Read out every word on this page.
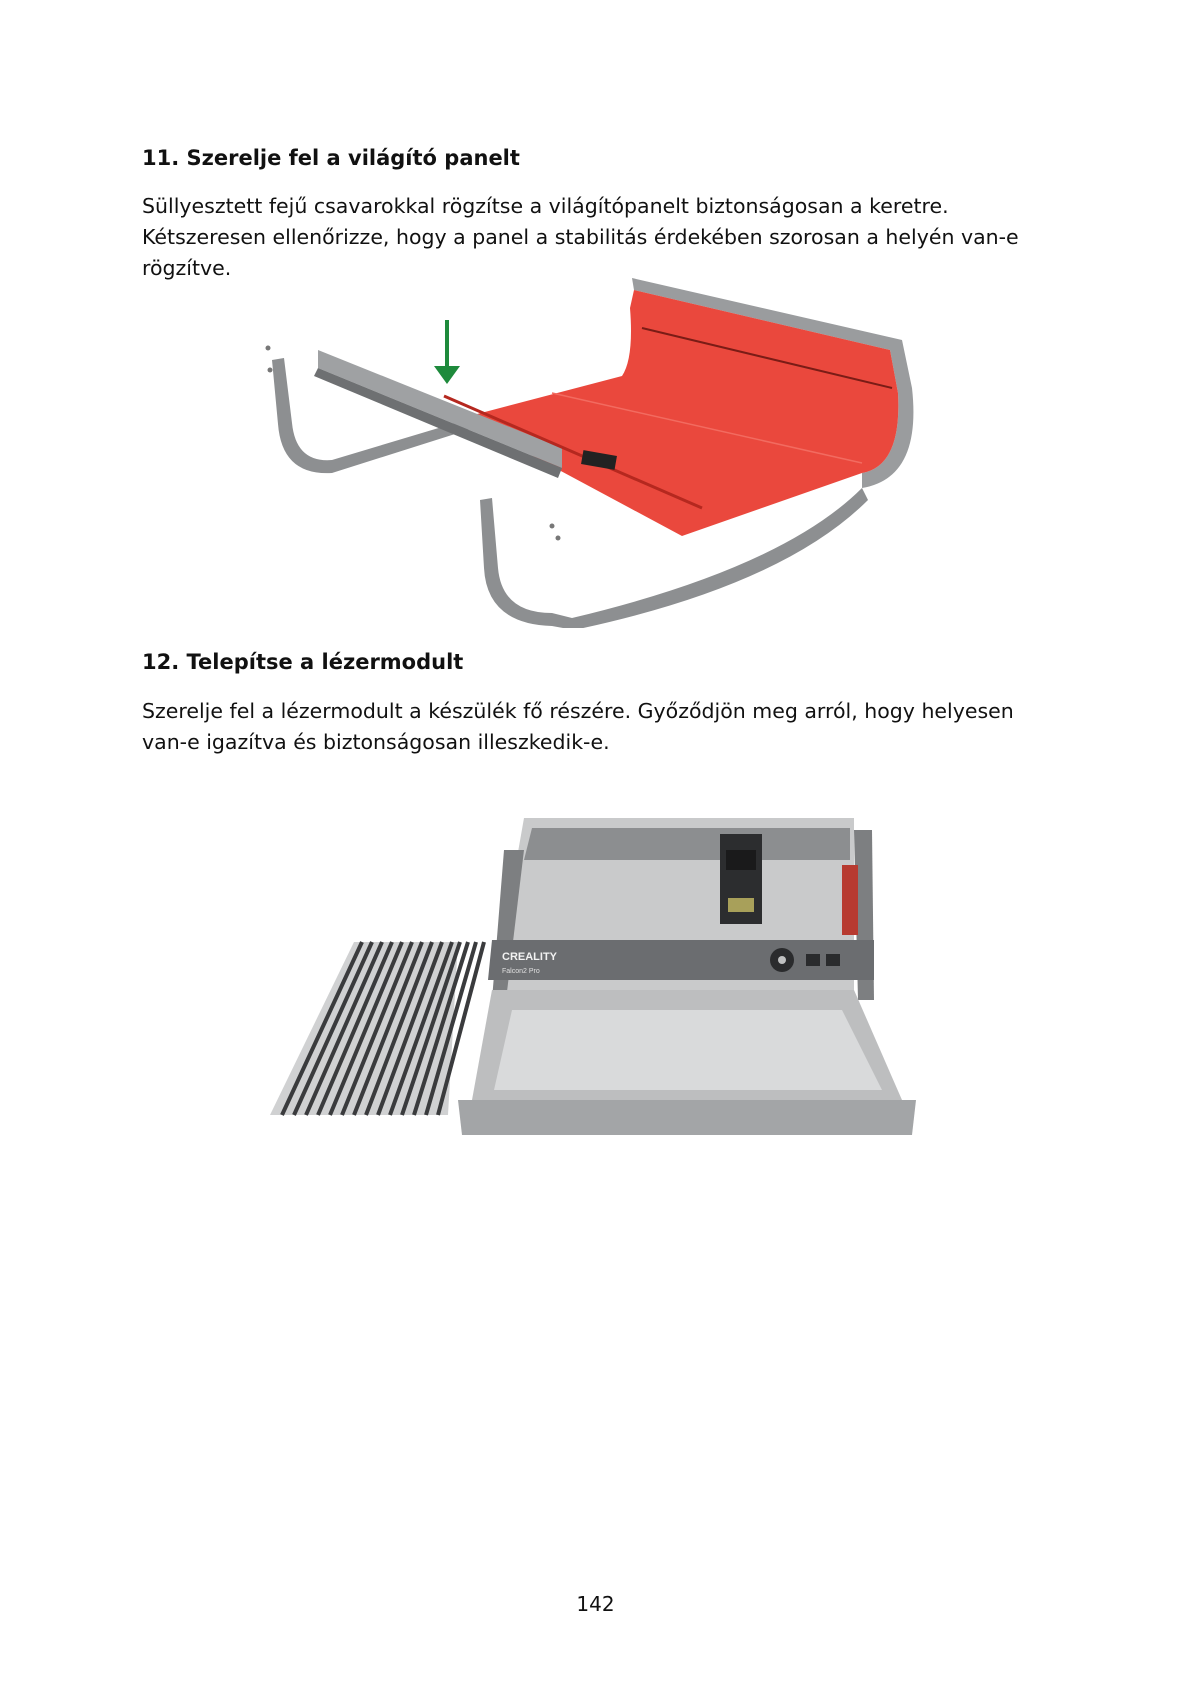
11. Szerelje fel a világító panelt

Süllyesztett fejű csavarokkal rögzítse a világítópanelt biztonságosan a keretre. Kétszeresen ellenőrizze, hogy a panel a stabilitás érdekében szorosan a helyén van-e rögzítve.

12. Telepítse a lézermodult

Szerelje fel a lézermodult a készülék fő részére. Győződjön meg arról, hogy helyesen van-e igazítva és biztonságosan illeszkedik-e.

CREALITY
Falcon2 Pro
142
